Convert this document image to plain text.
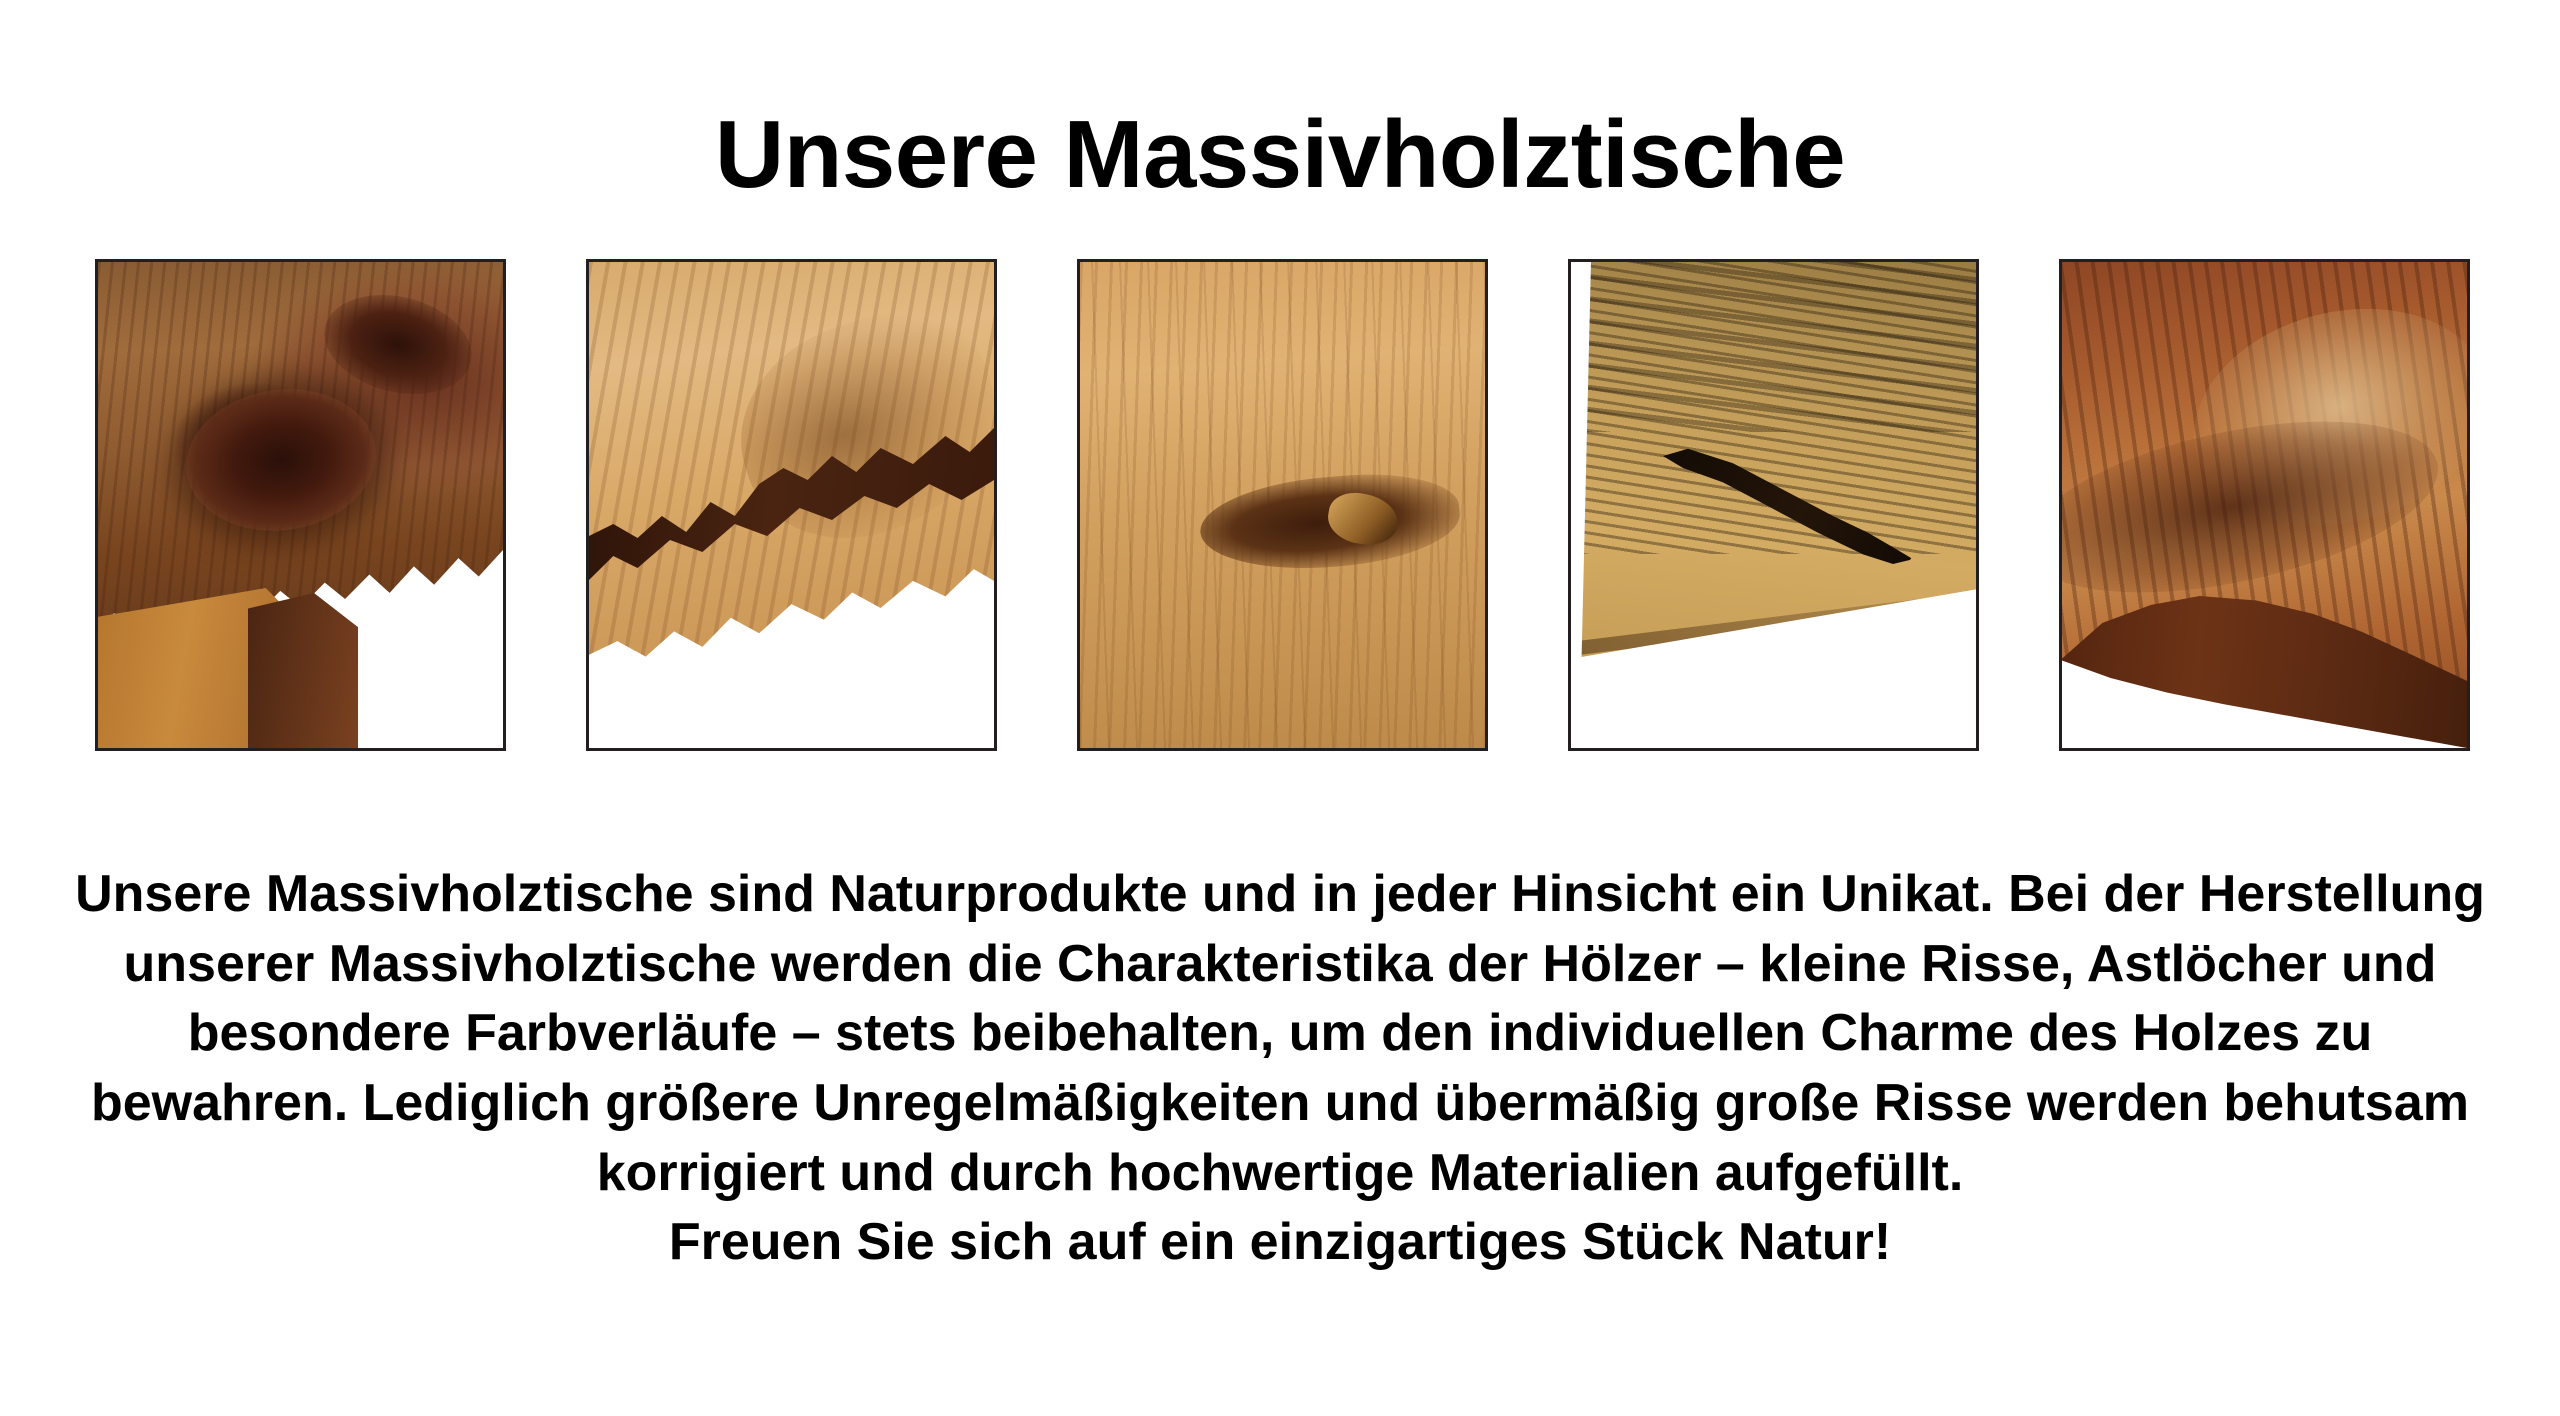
Unsere Massivholztische

Unsere Massivholztische sind Naturprodukte und in jeder Hinsicht ein Unikat. Bei der Herstellung unserer Massivholztische werden die Charakteristika der Hölzer – kleine Risse, Astlöcher und besondere Farbverläufe – stets beibehalten, um den individuellen Charme des Holzes zu bewahren. Lediglich größere Unregelmäßigkeiten und übermäßig große Risse werden behutsam korrigiert und durch hochwertige Materialien aufgefüllt.

Freuen Sie sich auf ein einzigartiges Stück Natur!
